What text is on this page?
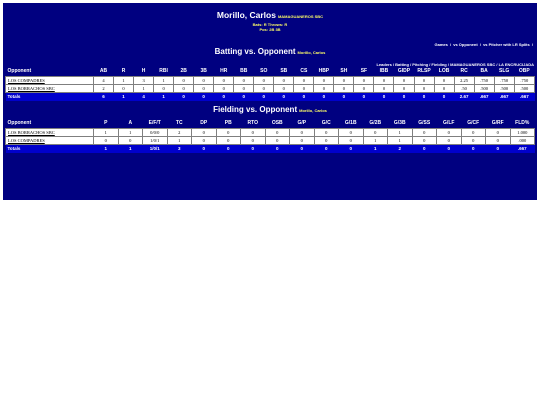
Morillo, Carlos MAMAGUANEROS SBC
Bats: R Throws: R
Pos: 2B 3B
Games / vs Opponent / vs Pitcher with LR Splits /
Batting vs. Opponent Morillo, Carlos
Leaders / Batting / Pitching / Fielding / MAMAGUANEROS SBC / LA ENCRUCIJADA
Opponent	AB	R	H	RBI	2B	3B	HR	BB	SO	SB	CS	HBP	SH	SF	IBB	GIDP	RLSP	LOB	RC	BA	SLG	OBP
LOS COMPADRES	4	1	3	1	0	0	0	0	0	0	0	0	0	0	0	0	0	0	2.25	.750	.750	.750
LOS BORRACHOS SBC	2	0	1	0	0	0	0	0	0	0	0	0	0	0	0	0	0	0	.50	.500	.500	.500
Totals	6	1	4	1	0	0	0	0	0	0	0	0	0	0	0	0	0	0	2.67	.667	.667	.667
Fielding vs. Opponent Morillo, Carlos
Opponent	P	A	E/F/T	TC	DP	PB	RTO	OSB	G/P	G/C	G/1B	G/2B	G/3B	G/SS	G/LF	G/CF	G/RF	FLD%
LOS BORRACHOS SBC	1	1	0/0/0	2	0	0	0	0	0	0	0	0	1	0	0	0	0	1.000
LOS COMPADRES	0	0	1/0/1	1	0	0	0	0	0	0	0	1	1	0	0	0	0	.000
Totals	1	1	1/0/1	3	0	0	0	0	0	0	0	1	2	0	0	0	0	.667
